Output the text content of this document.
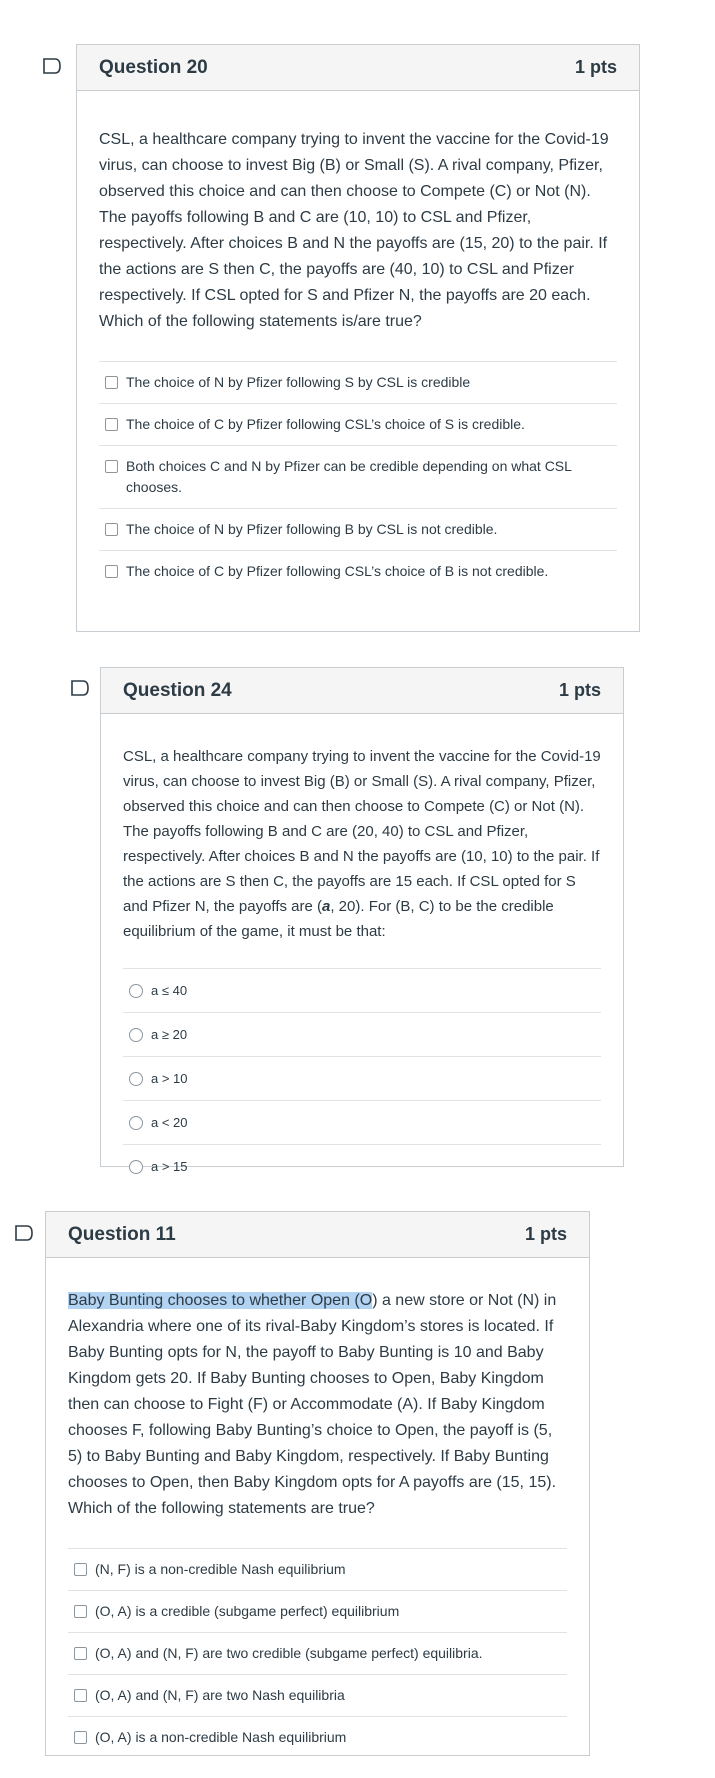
Question 20	1 pts

CSL, a healthcare company trying to invent the vaccine for the Covid-19 virus, can choose to invest Big (B) or Small (S). A rival company, Pfizer, observed this choice and can then choose to Compete (C) or Not (N). The payoffs following B and C are (10, 10) to CSL and Pfizer, respectively. After choices B and N the payoffs are (15, 20) to the pair. If the actions are S then C, the payoffs are (40, 10) to CSL and Pfizer respectively. If CSL opted for S and Pfizer N, the payoffs are 20 each. Which of the following statements is/are true?

The choice of N by Pfizer following S by CSL is credible
The choice of C by Pfizer following CSL’s choice of S is credible.
Both choices C and N by Pfizer can be credible depending on what CSL chooses.
The choice of N by Pfizer following B by CSL is not credible.
The choice of C by Pfizer following CSL’s choice of B is not credible.
Question 24	1 pts

CSL, a healthcare company trying to invent the vaccine for the Covid-19 virus, can choose to invest Big (B) or Small (S). A rival company, Pfizer, observed this choice and can then choose to Compete (C) or Not (N). The payoffs following B and C are (20, 40) to CSL and Pfizer, respectively. After choices B and N the payoffs are (10, 10) to the pair. If the actions are S then C, the payoffs are 15 each. If CSL opted for S and Pfizer N, the payoffs are (a, 20). For (B, C) to be the credible equilibrium of the game, it must be that:

a ≤ 40
a ≥ 20
a > 10
a < 20
a > 15
Question 11	1 pts

Baby Bunting chooses to whether Open (O) a new store or Not (N) in Alexandria where one of its rival-Baby Kingdom’s stores is located. If Baby Bunting opts for N, the payoff to Baby Bunting is 10 and Baby Kingdom gets 20. If Baby Bunting chooses to Open, Baby Kingdom then can choose to Fight (F) or Accommodate (A). If Baby Kingdom chooses F, following Baby Bunting’s choice to Open, the payoff is (5, 5) to Baby Bunting and Baby Kingdom, respectively. If Baby Bunting chooses to Open, then Baby Kingdom opts for A payoffs are (15, 15). Which of the following statements are true?

(N, F) is a non-credible Nash equilibrium
(O, A) is a credible (subgame perfect) equilibrium
(O, A) and (N, F) are two credible (subgame perfect) equilibria.
(O, A) and (N, F) are two Nash equilibria
(O, A) is a non-credible Nash equilibrium
